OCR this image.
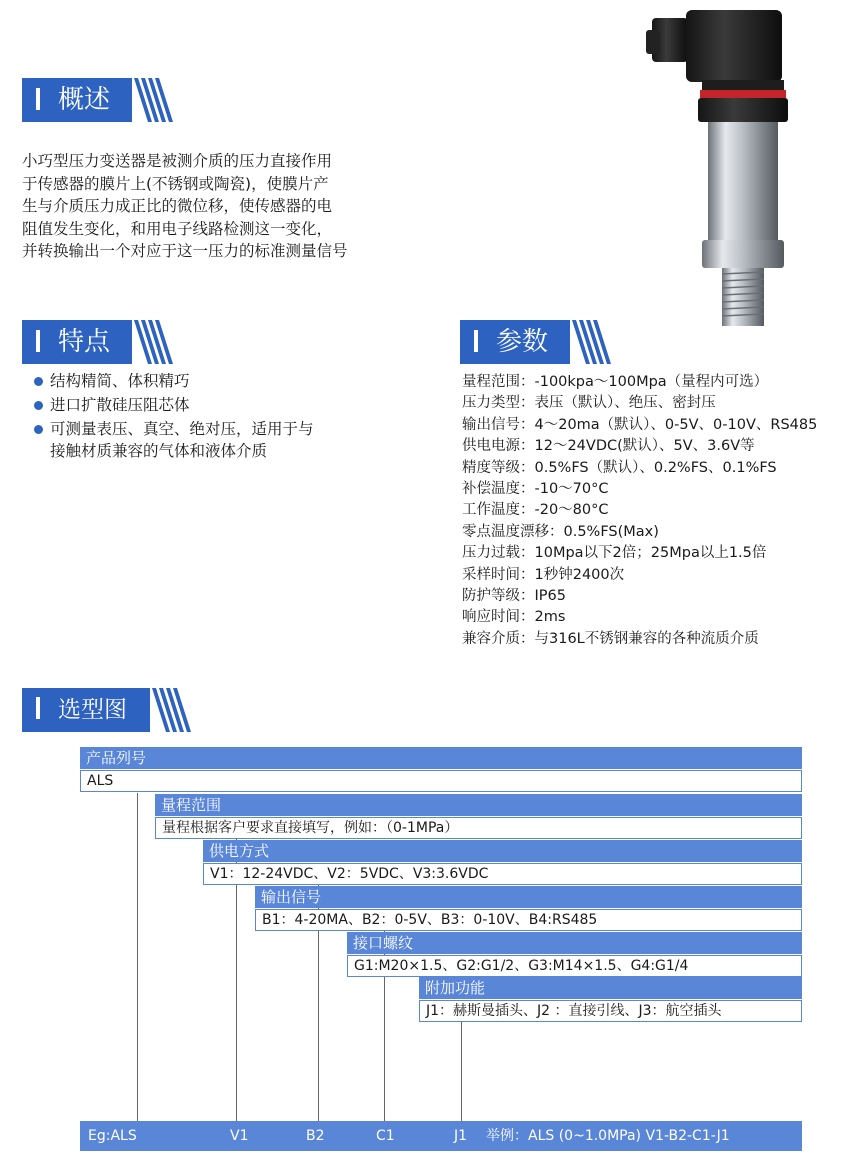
概述
小巧型压力变送器是被测介质的压力直接作用
于传感器的膜片上(不锈钢或陶瓷)，使膜片产
生与介质压力成正比的微位移，使传感器的电
阻值发生变化，和用电子线路检测这一变化，
并转换输出一个对应于这一压力的标准测量信号
特点
结构精简、体积精巧
进口扩散硅压阻芯体
可测量表压、真空、绝对压，适用于与
接触材质兼容的气体和液体介质
参数
量程范围：-100kpa～100Mpa（量程内可选）
压力类型：表压（默认）、绝压、密封压
输出信号：4～20ma（默认）、0-5V、0-10V、RS485
供电电源：12～24VDC(默认）、5V、3.6V等
精度等级：0.5%FS（默认）、0.2%FS、0.1%FS
补偿温度：-10～70°C
工作温度：-20～80°C
零点温度漂移：0.5%FS(Max)
压力过载：10Mpa以下2倍；25Mpa以上1.5倍
采样时间：1秒钟2400次
防护等级：IP65
响应时间：2ms
兼容介质：与316L不锈钢兼容的各种流质介质
选型图
产品列号
ALS
量程范围
量程根据客户要求直接填写，例如：（0-1MPa）
供电方式
V1：12-24VDC、V2：5VDC、V3:3.6VDC
输出信号
B1：4-20MA、B2：0-5V、B3：0-10V、B4:RS485
接口螺纹
G1:M20×1.5、G2:G1/2、G3:M14×1.5、G4:G1/4
附加功能
J1：赫斯曼插头、J2 ：直接引线、J3：航空插头
Eg:ALS	V1	B2	C1	J1 举例：ALS (0~1.0MPa) V1-B2-C1-J1
